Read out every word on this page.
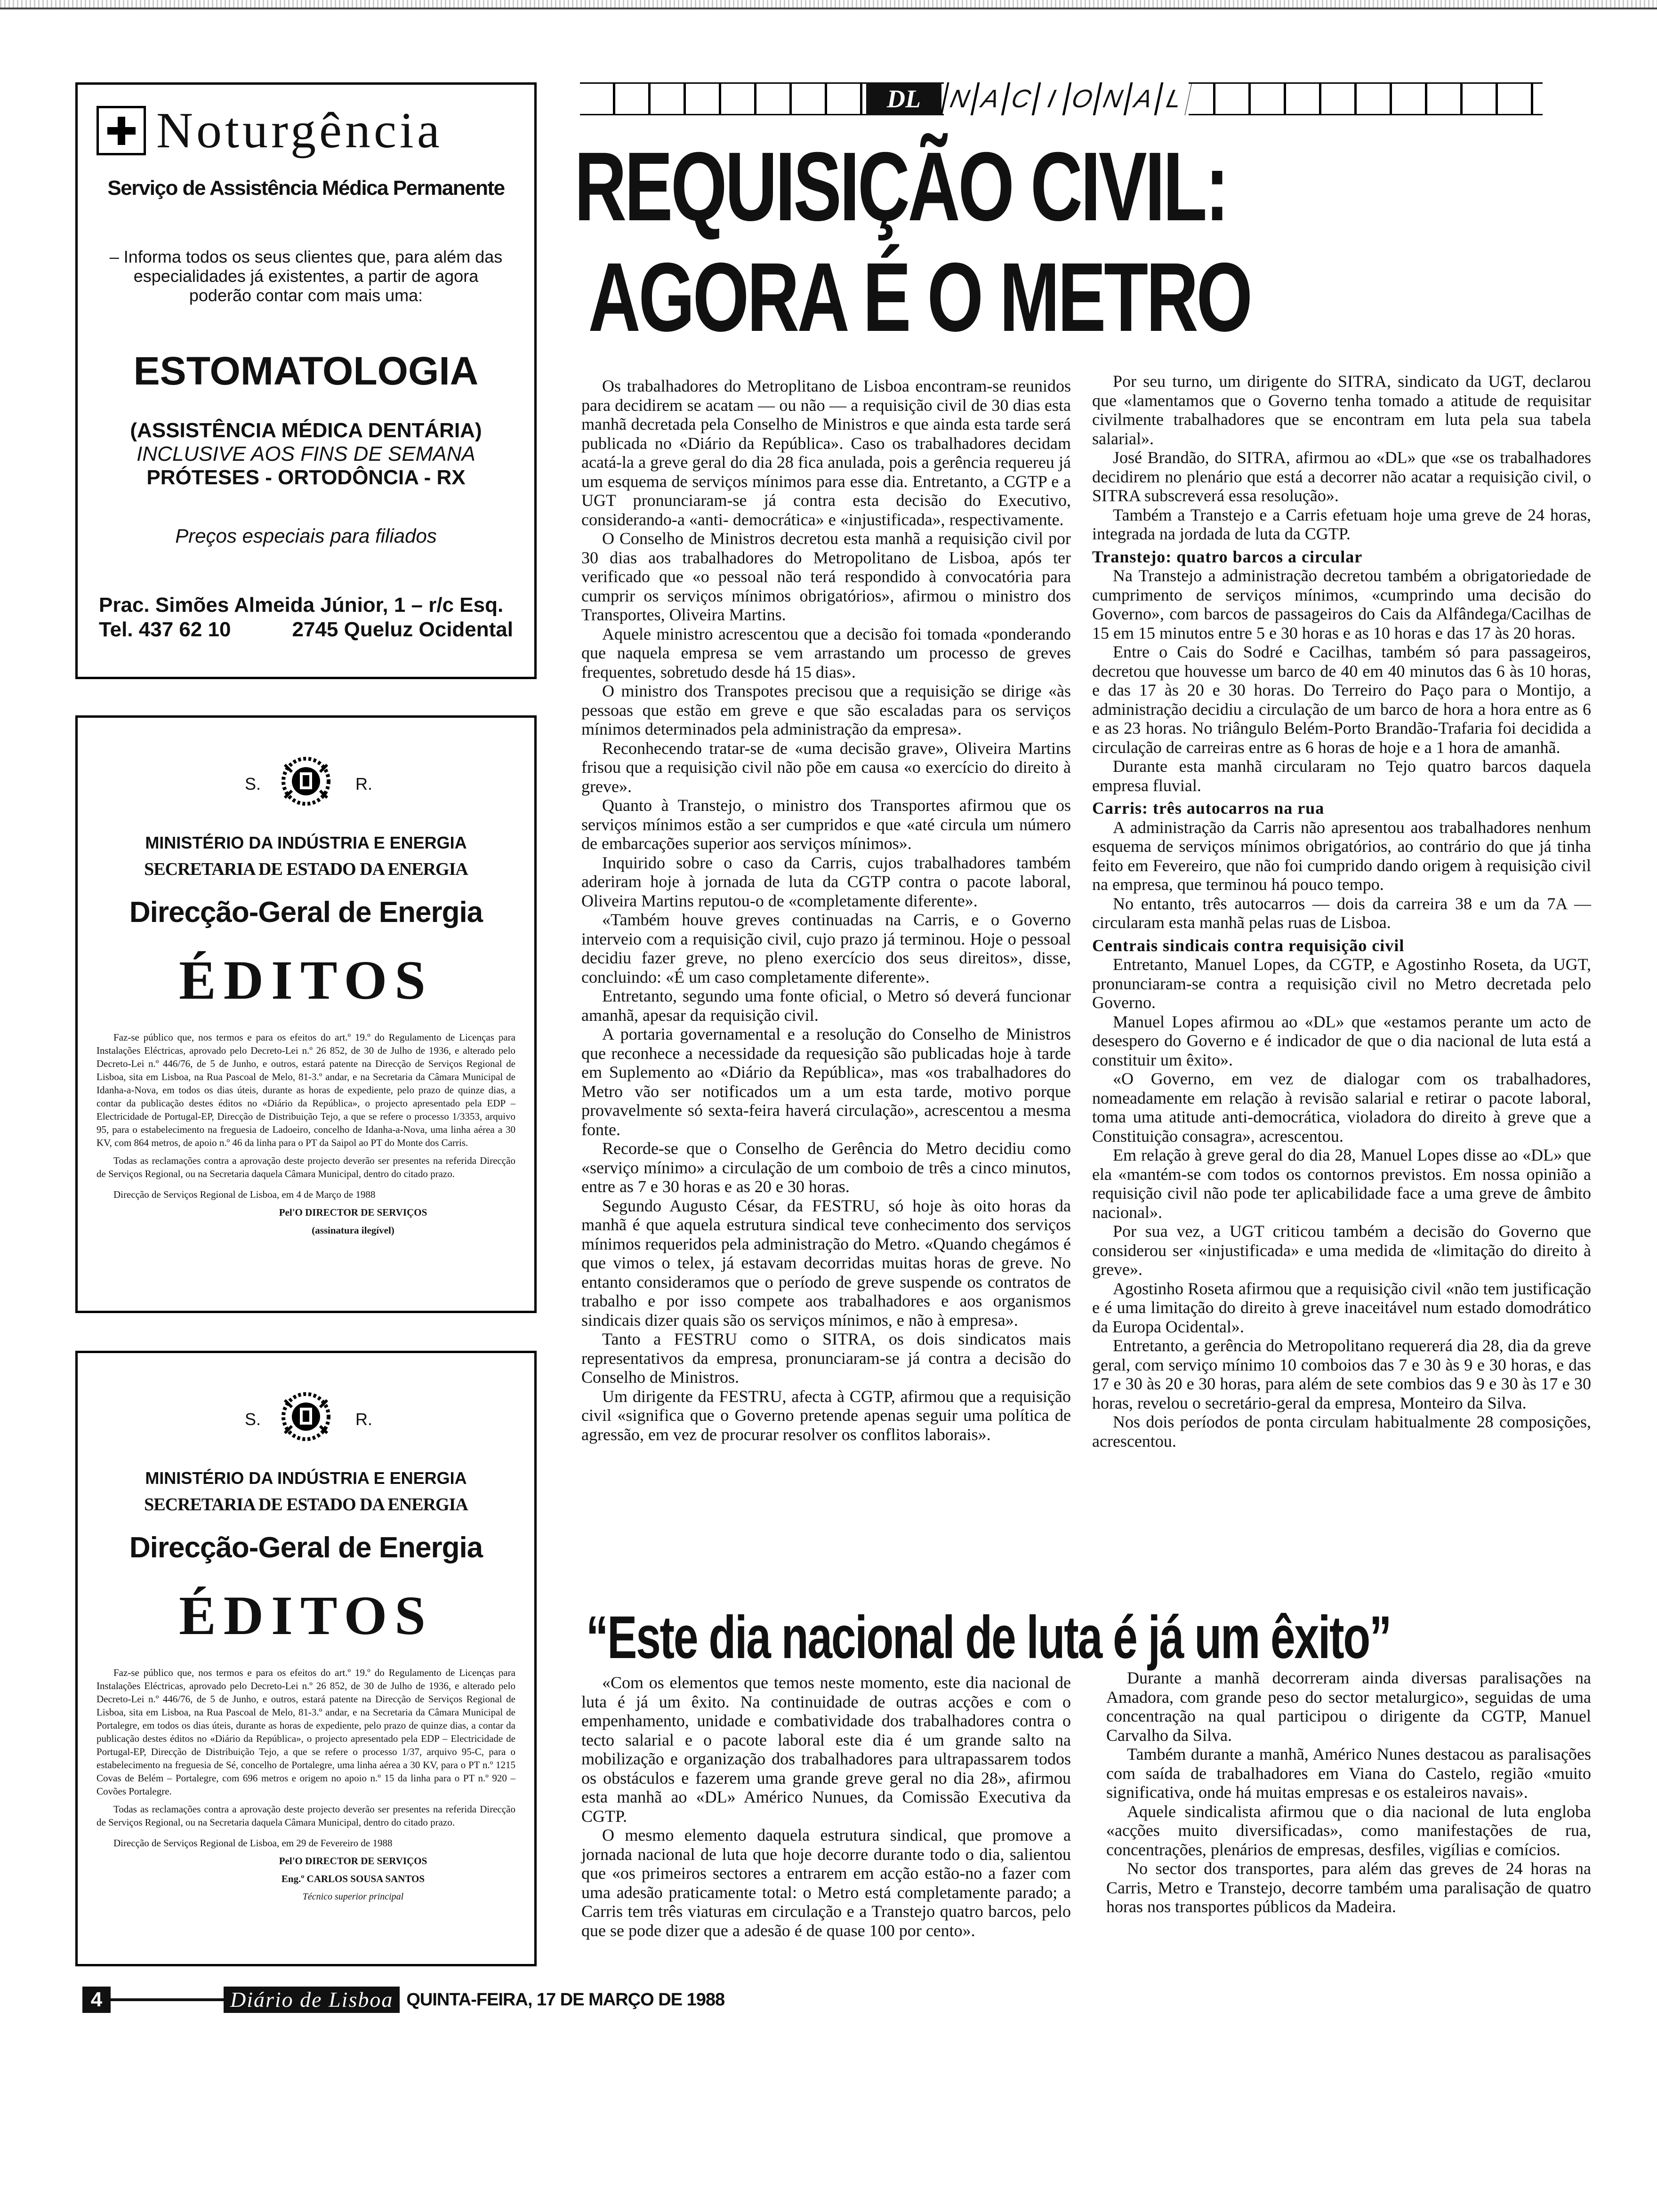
Noturgência
Serviço de Assistência Médica Permanente
– Informa todos os seus clientes que, para além das especialidades já existentes, a partir de agora poderão contar com mais uma:
ESTOMATOLOGIA
(ASSISTÊNCIA MÉDICA DENTÁRIA)
INCLUSIVE AOS FINS DE SEMANA
PRÓTESES - ORTODÔNCIA - RX
Preços especiais para filiados
Prac. Simões Almeida Júnior, 1 – r/c Esq.
Tel. 437 62 10	2745 Queluz Ocidental
S.	R.
MINISTÉRIO DA INDÚSTRIA E ENERGIA
SECRETARIA DE ESTADO DA ENERGIA
Direcção-Geral de Energia
ÉDITOS

Faz-se público que, nos termos e para os efeitos do art.º 19.º do Regulamento de Licenças para Instalações Eléctricas, aprovado pelo Decreto-Lei n.º 26 852, de 30 de Julho de 1936, e alterado pelo Decreto-Lei n.º 446/76, de 5 de Junho, e outros, estará patente na Direcção de Serviços Regional de Lisboa, sita em Lisboa, na Rua Pascoal de Melo, 81-3.º andar, e na Secretaria da Câmara Municipal de Idanha-a-Nova, em todos os dias úteis, durante as horas de expediente, pelo prazo de quinze dias, a contar da publicação destes éditos no «Diário da República», o projecto apresentado pela EDP – Electricidade de Portugal-EP, Direcção de Distribuição Tejo, a que se refere o processo 1/3353, arquivo 95, para o estabelecimento na freguesia de Ladoeiro, concelho de Idanha-a-Nova, uma linha aérea a 30 KV, com 864 metros, de apoio n.º 46 da linha para o PT da Saipol ao PT do Monte dos Carris.

Todas as reclamações contra a aprovação deste projecto deverão ser presentes na referida Direcção de Serviços Regional, ou na Secretaria daquela Câmara Municipal, dentro do citado prazo.

Direcção de Serviços Regional de Lisboa, em 4 de Março de 1988

Pel'O DIRECTOR DE SERVIÇOS

(assinatura ilegível)

S.	R.
MINISTÉRIO DA INDÚSTRIA E ENERGIA
SECRETARIA DE ESTADO DA ENERGIA
Direcção-Geral de Energia
ÉDITOS

Faz-se público que, nos termos e para os efeitos do art.º 19.º do Regulamento de Licenças para Instalações Eléctricas, aprovado pelo Decreto-Lei n.º 26 852, de 30 de Julho de 1936, e alterado pelo Decreto-Lei n.º 446/76, de 5 de Junho, e outros, estará patente na Direcção de Serviços Regional de Lisboa, sita em Lisboa, na Rua Pascoal de Melo, 81-3.º andar, e na Secretaria da Câmara Municipal de Portalegre, em todos os dias úteis, durante as horas de expediente, pelo prazo de quinze dias, a contar da publicação destes éditos no «Diário da República», o projecto apresentado pela EDP – Electricidade de Portugal-EP, Direcção de Distribuição Tejo, a que se refere o processo 1/37, arquivo 95-C, para o estabelecimento na freguesia de Sé, concelho de Portalegre, uma linha aérea a 30 KV, para o PT n.º 1215 Covas de Belém – Portalegre, com 696 metros e origem no apoio n.º 15 da linha para o PT n.º 920 – Covões Portalegre.

Todas as reclamações contra a aprovação deste projecto deverão ser presentes na referida Direcção de Serviços Regional, ou na Secretaria daquela Câmara Municipal, dentro do citado prazo.

Direcção de Serviços Regional de Lisboa, em 29 de Fevereiro de 1988

Pel'O DIRECTOR DE SERVIÇOS

Eng.º CARLOS SOUSA SANTOS

Técnico superior principal

DL	N A C I O N A L
REQUISIÇÃO CIVIL:
AGORA É O METRO

Os trabalhadores do Metroplitano de Lisboa encontram-se reunidos para decidirem se acatam — ou não — a requisição civil de 30 dias esta manhã decretada pela Conselho de Ministros e que ainda esta tarde será publicada no «Diário da República». Caso os trabalhadores decidam acatá-la a greve geral do dia 28 fica anulada, pois a gerência requereu já um esquema de serviços mínimos para esse dia. Entretanto, a CGTP e a UGT pronunciaram-se já contra esta decisão do Executivo, considerando-a «anti- democrática» e «injustificada», respectivamente.

O Conselho de Ministros decretou esta manhã a requisição civil por 30 dias aos trabalhadores do Metropolitano de Lisboa, após ter verificado que «o pessoal não terá respondido à convocatória para cumprir os serviços mínimos obrigatórios», afirmou o ministro dos Transportes, Oliveira Martins.

Aquele ministro acrescentou que a decisão foi tomada «ponderando que naquela empresa se vem arrastando um processo de greves frequentes, sobretudo desde há 15 dias».

O ministro dos Transpotes precisou que a requisição se dirige «às pessoas que estão em greve e que são escaladas para os serviços mínimos determinados pela administração da empresa».

Reconhecendo tratar-se de «uma decisão grave», Oliveira Martins frisou que a requisição civil não põe em causa «o exercício do direito à greve».

Quanto à Transtejo, o ministro dos Transportes afirmou que os serviços mínimos estão a ser cumpridos e que «até circula um número de embarcações superior aos serviços mínimos».

Inquirido sobre o caso da Carris, cujos trabalhadores também aderiram hoje à jornada de luta da CGTP contra o pacote laboral, Oliveira Martins reputou-o de «completamente diferente».

«Também houve greves continuadas na Carris, e o Governo interveio com a requisição civil, cujo prazo já terminou. Hoje o pessoal decidiu fazer greve, no pleno exercício dos seus direitos», disse, concluindo: «É um caso completamente diferente».

Entretanto, segundo uma fonte oficial, o Metro só deverá funcionar amanhã, apesar da requisição civil.

A portaria governamental e a resolução do Conselho de Ministros que reconhece a necessidade da requesição são publicadas hoje à tarde em Suplemento ao «Diário da República», mas «os trabalhadores do Metro vão ser notificados um a um esta tarde, motivo porque provavelmente só sexta-feira haverá circulação», acrescentou a mesma fonte.

Recorde-se que o Conselho de Gerência do Metro decidiu como «serviço mínimo» a circulação de um comboio de três a cinco minutos, entre as 7 e 30 horas e as 20 e 30 horas.

Segundo Augusto César, da FESTRU, só hoje às oito horas da manhã é que aquela estrutura sindical teve conhecimento dos serviços mínimos requeridos pela administração do Metro. «Quando chegámos é que vimos o telex, já estavam decorridas muitas horas de greve. No entanto consideramos que o período de greve suspende os contratos de trabalho e por isso compete aos trabalhadores e aos organismos sindicais dizer quais são os serviços mínimos, e não à empresa».

Tanto a FESTRU como o SITRA, os dois sindicatos mais representativos da empresa, pronunciaram-se já contra a decisão do Conselho de Ministros.

Um dirigente da FESTRU, afecta à CGTP, afirmou que a requisição civil «significa que o Governo pretende apenas seguir uma política de agressão, em vez de procurar resolver os conflitos laborais».

Por seu turno, um dirigente do SITRA, sindicato da UGT, declarou que «lamentamos que o Governo tenha tomado a atitude de requisitar civilmente trabalhadores que se encontram em luta pela sua tabela salarial».

José Brandão, do SITRA, afirmou ao «DL» que «se os trabalhadores decidirem no plenário que está a decorrer não acatar a requisição civil, o SITRA subscreverá essa resolução».

Também a Transtejo e a Carris efetuam hoje uma greve de 24 horas, integrada na jordada de luta da CGTP.

Transtejo: quatro barcos a circular

Na Transtejo a administração decretou também a obrigatoriedade de cumprimento de serviços mínimos, «cumprindo uma decisão do Governo», com barcos de passageiros do Cais da Alfândega/Cacilhas de 15 em 15 minutos entre 5 e 30 horas e as 10 horas e das 17 às 20 horas.

Entre o Cais do Sodré e Cacilhas, também só para passageiros, decretou que houvesse um barco de 40 em 40 minutos das 6 às 10 horas, e das 17 às 20 e 30 horas. Do Terreiro do Paço para o Montijo, a administração decidiu a circulação de um barco de hora a hora entre as 6 e as 23 horas. No triângulo Belém-Porto Brandão-Trafaria foi decidida a circulação de carreiras entre as 6 horas de hoje e a 1 hora de amanhã.

Durante esta manhã circularam no Tejo quatro barcos daquela empresa fluvial.

Carris: três autocarros na rua

A administração da Carris não apresentou aos trabalhadores nenhum esquema de serviços mínimos obrigatórios, ao contrário do que já tinha feito em Fevereiro, que não foi cumprido dando origem à requisição civil na empresa, que terminou há pouco tempo.

No entanto, três autocarros — dois da carreira 38 e um da 7A — circularam esta manhã pelas ruas de Lisboa.

Centrais sindicais contra requisição civil

Entretanto, Manuel Lopes, da CGTP, e Agostinho Roseta, da UGT, pronunciaram-se contra a requisição civil no Metro decretada pelo Governo.

Manuel Lopes afirmou ao «DL» que «estamos perante um acto de desespero do Governo e é indicador de que o dia nacional de luta está a constituir um êxito».

«O Governo, em vez de dialogar com os trabalhadores, nomeadamente em relação à revisão salarial e retirar o pacote laboral, toma uma atitude anti-democrática, violadora do direito à greve que a Constituição consagra», acrescentou.

Em relação à greve geral do dia 28, Manuel Lopes disse ao «DL» que ela «mantém-se com todos os contornos previstos. Em nossa opinião a requisição civil não pode ter aplicabilidade face a uma greve de âmbito nacional».

Por sua vez, a UGT criticou também a decisão do Governo que considerou ser «injustificada» e uma medida de «limitação do direito à greve».

Agostinho Roseta afirmou que a requisição civil «não tem justificação e é uma limitação do direito à greve inaceitável num estado domodrático da Europa Ocidental».

Entretanto, a gerência do Metropolitano requererá dia 28, dia da greve geral, com serviço mínimo 10 comboios das 7 e 30 às 9 e 30 horas, e das 17 e 30 às 20 e 30 horas, para além de sete combios das 9 e 30 às 17 e 30 horas, revelou o secretário-geral da empresa, Monteiro da Silva.

Nos dois períodos de ponta circulam habitualmente 28 composições, acrescentou.

“Este dia nacional de luta é já um êxito”

«Com os elementos que temos neste momento, este dia nacional de luta é já um êxito. Na continuidade de outras acções e com o empenhamento, unidade e combatividade dos trabalhadores contra o tecto salarial e o pacote laboral este dia é um grande salto na mobilização e organização dos trabalhadores para ultrapassarem todos os obstáculos e fazerem uma grande greve geral no dia 28», afirmou esta manhã ao «DL» Américo Nunues, da Comissão Executiva da CGTP.

O mesmo elemento daquela estrutura sindical, que promove a jornada nacional de luta que hoje decorre durante todo o dia, salientou que «os primeiros sectores a entrarem em acção estão-no a fazer com uma adesão praticamente total: o Metro está completamente parado; a Carris tem três viaturas em circulação e a Transtejo quatro barcos, pelo que se pode dizer que a adesão é de quase 100 por cento».

Durante a manhã decorreram ainda diversas paralisações na Amadora, com grande peso do sector metalurgico», seguidas de uma concentração na qual participou o dirigente da CGTP, Manuel Carvalho da Silva.

Também durante a manhã, Américo Nunes destacou as paralisações com saída de trabalhadores em Viana do Castelo, região «muito significativa, onde há muitas empresas e os estaleiros navais».

Aquele sindicalista afirmou que o dia nacional de luta engloba «acções muito diversificadas», como manifestações de rua, concentrações, plenários de empresas, desfiles, vigílias e comícios.

No sector dos transportes, para além das greves de 24 horas na Carris, Metro e Transtejo, decorre também uma paralisação de quatro horas nos transportes públicos da Madeira.

4	Diário de Lisboa QUINTA-FEIRA, 17 DE MARÇO DE 1988
